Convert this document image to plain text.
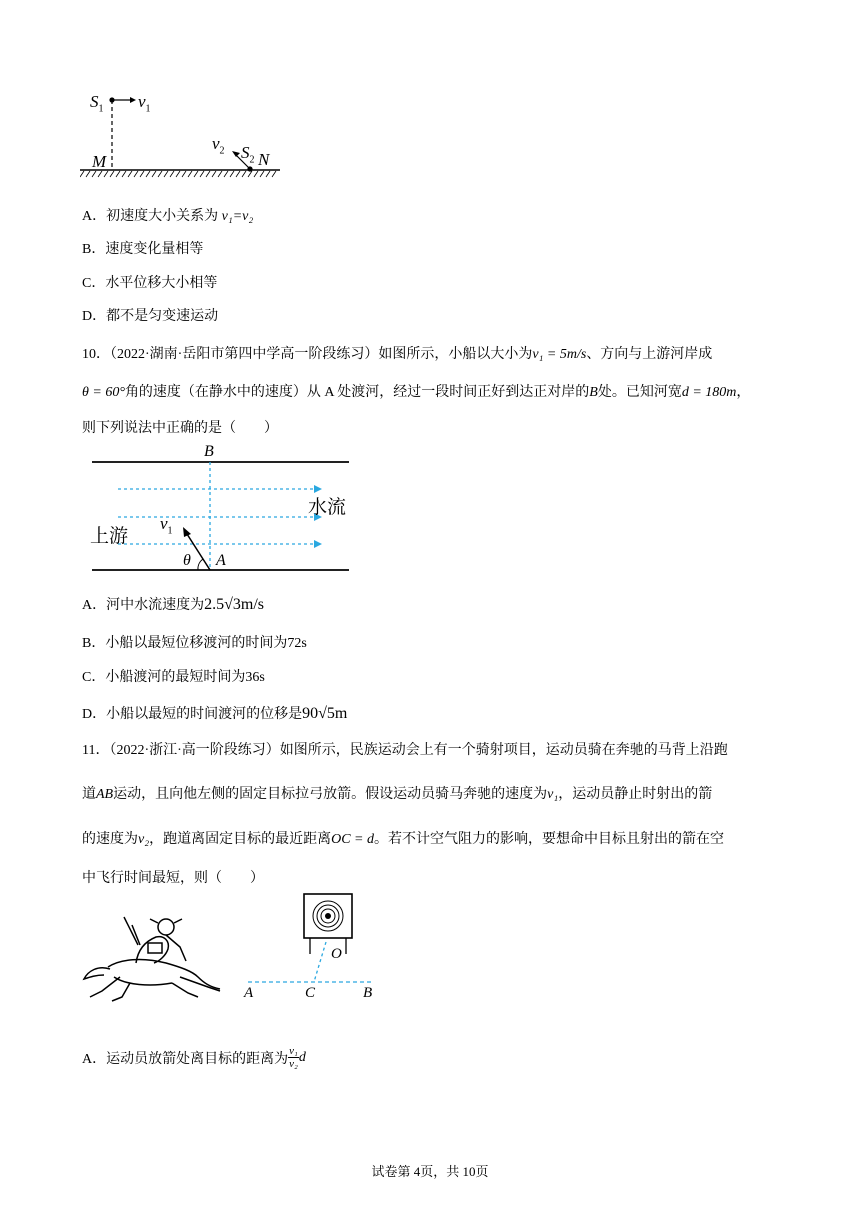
$S_1$ $v_1$
$v_2$ $S_2$
M	N
A．初速度大小关系为 v₁=v₂
B．速度变化量相等
C．水平位移大小相等
D．都不是匀变速运动
10．（2022·湖南·岳阳市第四中学高一阶段练习）如图所示，小船以大小为v₁ = 5m/s、方向与上游河岸成
θ = 60°角的速度（在静水中的速度）从 A 处渡河，经过一段时间正好到达正对岸的B处。已知河宽d = 180m，
则下列说法中正确的是（　　）
B
水流
上游
$v_1$
θ A
A．河中水流速度为2.5√3m/s
B．小船以最短位移渡河的时间为72s
C．小船渡河的最短时间为36s
D．小船以最短的时间渡河的位移是90√5m
11．（2022·浙江·高一阶段练习）如图所示，民族运动会上有一个骑射项目，运动员骑在奔驰的马背上沿跑
道AB运动，且向他左侧的固定目标拉弓放箭。假设运动员骑马奔驰的速度为v₁，运动员静止时射出的箭
的速度为v₂，跑道离固定目标的最近距离OC = d。若不计空气阻力的影响，要想命中目标且射出的箭在空
中飞行时间最短，则（　　）
O
A	C	B
A． 运动员放箭处离目标的距离为 $\frac{\text{v₁}}{\text{v₂}}$ d
试卷第 4页，共 10页
